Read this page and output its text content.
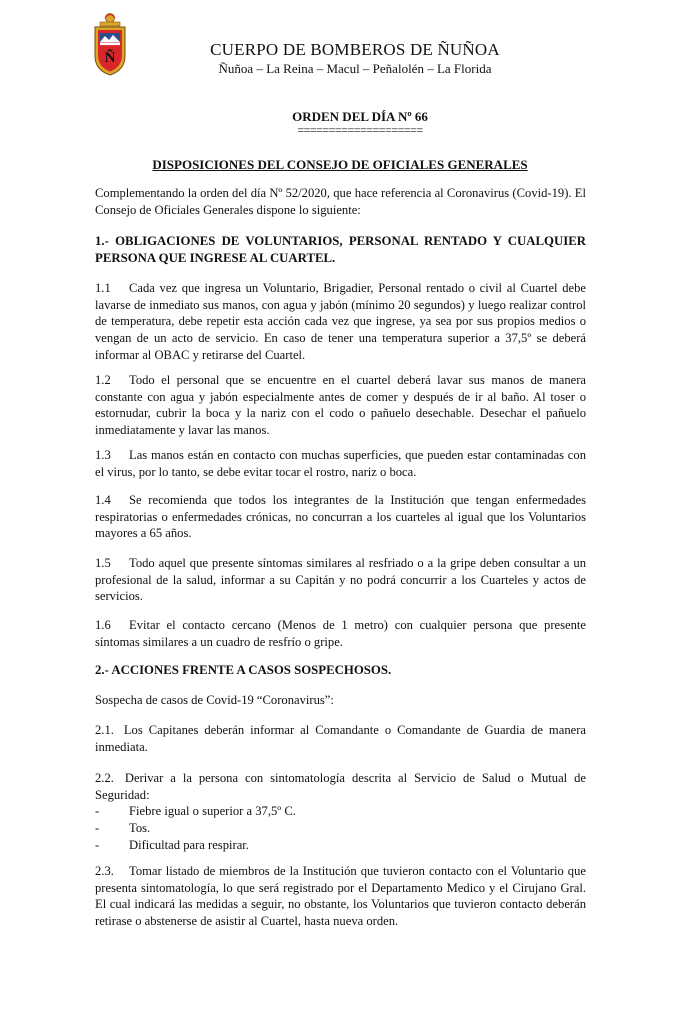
Ñ	CUERPO DE BOMBEROS DE ÑUÑOA
Ñuñoa – La Reina – Macul – Peñalolén – La Florida
ORDEN DEL DÍA Nº 66
====================
DISPOSICIONES DEL CONSEJO DE OFICIALES GENERALES

Complementando la orden del día Nº 52/2020, que hace referencia al Coronavirus (Covid-19). El Consejo de Oficiales Generales dispone lo siguiente:

1.- OBLIGACIONES DE VOLUNTARIOS, PERSONAL RENTADO Y CUALQUIER PERSONA QUE INGRESE AL CUARTEL.

1.1 Cada vez que ingresa un Voluntario, Brigadier, Personal rentado o civil al Cuartel debe lavarse de inmediato sus manos, con agua y jabón (mínimo 20 segundos) y luego realizar control de temperatura, debe repetir esta acción cada vez que ingrese, ya sea por sus propios medios o vengan de un acto de servicio. En caso de tener una temperatura superior a 37,5º se deberá informar al OBAC y retirarse del Cuartel.

1.2 Todo el personal que se encuentre en el cuartel deberá lavar sus manos de manera constante con agua y jabón especialmente antes de comer y después de ir al baño. Al toser o estornudar, cubrir la boca y la nariz con el codo o pañuelo desechable. Desechar el pañuelo inmediatamente y lavar las manos.

1.3 Las manos están en contacto con muchas superficies, que pueden estar contaminadas con el virus, por lo tanto, se debe evitar tocar el rostro, nariz o boca.

1.4 Se recomienda que todos los integrantes de la Institución que tengan enfermedades respiratorias o enfermedades crónicas, no concurran a los cuarteles al igual que los Voluntarios mayores a 65 años.

1.5 Todo aquel que presente síntomas similares al resfriado o a la gripe deben consultar a un profesional de la salud, informar a su Capitán y no podrá concurrir a los Cuarteles y actos de servicios.

1.6 Evitar el contacto cercano (Menos de 1 metro) con cualquier persona que presente síntomas similares a un cuadro de resfrío o gripe.

2.- ACCIONES FRENTE A CASOS SOSPECHOSOS.

Sospecha de casos de Covid-19 “Coronavirus”:

2.1. Los Capitanes deberán informar al Comandante o Comandante de Guardia de manera inmediata.

2.2. Derivar a la persona con sintomatología descrita al Servicio de Salud o Mutual de Seguridad:
- Fiebre igual o superior a 37,5º C.
- Tos.
- Dificultad para respirar.

2.3. Tomar listado de miembros de la Institución que tuvieron contacto con el Voluntario que presenta sintomatología, lo que será registrado por el Departamento Medico y el Cirujano Gral. El cual indicará las medidas a seguir, no obstante, los Voluntarios que tuvieron contacto deberán retirase o abstenerse de asistir al Cuartel, hasta nueva orden.
